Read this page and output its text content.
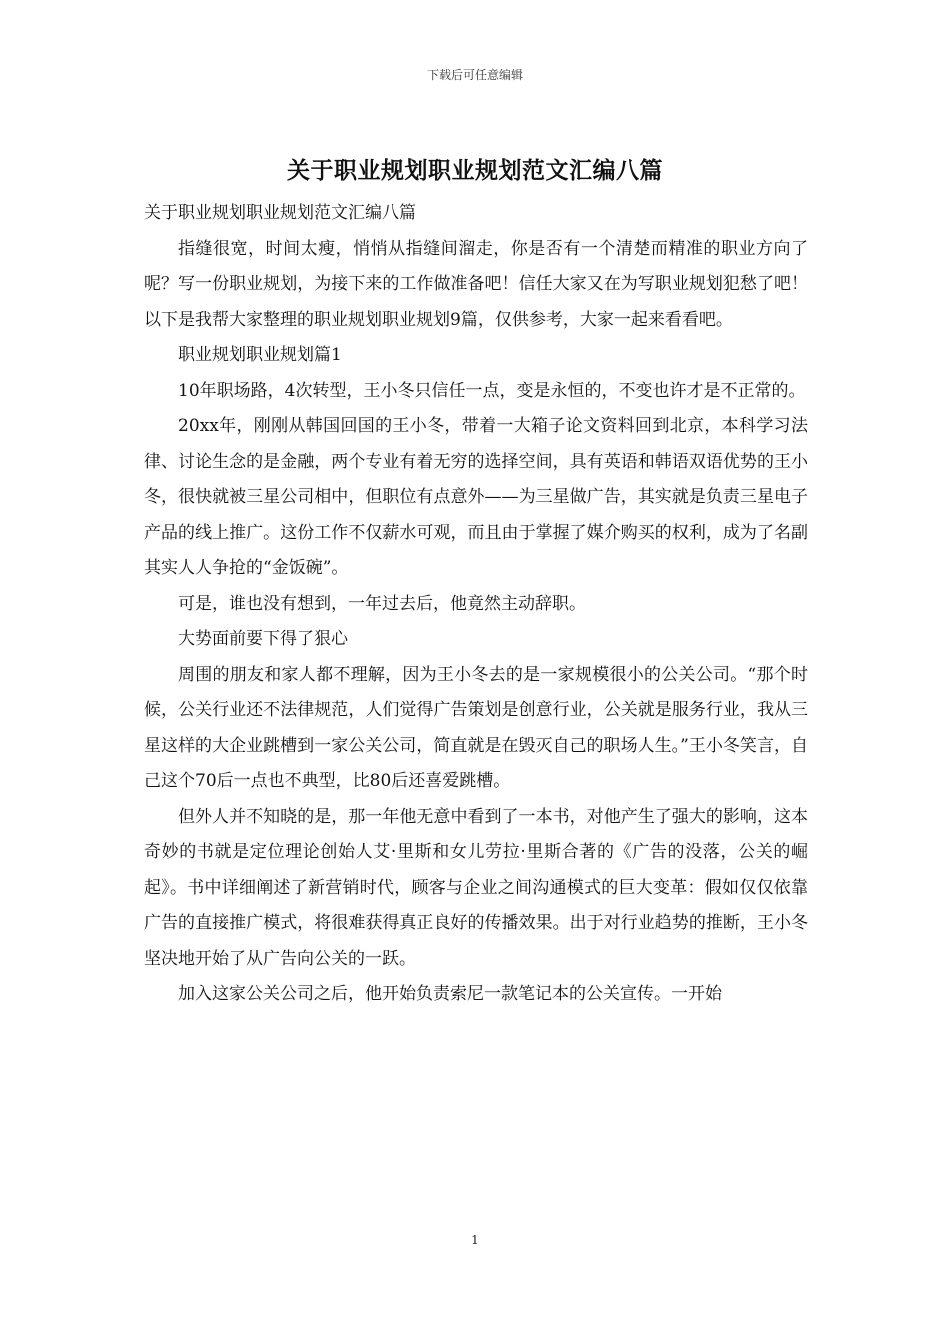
下载后可任意编辑
关于职业规划职业规划范文汇编八篇

关于职业规划职业规划范文汇编八篇

指缝很宽，时间太瘦，悄悄从指缝间溜走，你是否有一个清楚而精准的职业方向了呢？写一份职业规划，为接下来的工作做准备吧！信任大家又在为写职业规划犯愁了吧！以下是我帮大家整理的职业规划职业规划9篇，仅供参考，大家一起来看看吧。

职业规划职业规划篇1

10年职场路，4次转型，王小冬只信任一点，变是永恒的，不变也许才是不正常的。

20xx年，刚刚从韩国回国的王小冬，带着一大箱子论文资料回到北京，本科学习法律、讨论生念的是金融，两个专业有着无穷的选择空间，具有英语和韩语双语优势的王小冬，很快就被三星公司相中，但职位有点意外——为三星做广告，其实就是负责三星电子产品的线上推广。这份工作不仅薪水可观，而且由于掌握了媒介购买的权利，成为了名副其实人人争抢的“金饭碗”。

可是，谁也没有想到，一年过去后，他竟然主动辞职。

大势面前要下得了狠心

周围的朋友和家人都不理解，因为王小冬去的是一家规模很小的公关公司。“那个时候，公关行业还不法律规范，人们觉得广告策划是创意行业，公关就是服务行业，我从三星这样的大企业跳槽到一家公关公司，简直就是在毁灭自己的职场人生。”王小冬笑言，自己这个70后一点也不典型，比80后还喜爱跳槽。

但外人并不知晓的是，那一年他无意中看到了一本书，对他产生了强大的影响，这本奇妙的书就是定位理论创始人艾·里斯和女儿劳拉·里斯合著的《广告的没落，公关的崛起》。书中详细阐述了新营销时代，顾客与企业之间沟通模式的巨大变革：假如仅仅依靠广告的直接推广模式，将很难获得真正良好的传播效果。出于对行业趋势的推断，王小冬坚决地开始了从广告向公关的一跃。

加入这家公关公司之后，他开始负责索尼一款笔记本的公关宣传。一开始

1
